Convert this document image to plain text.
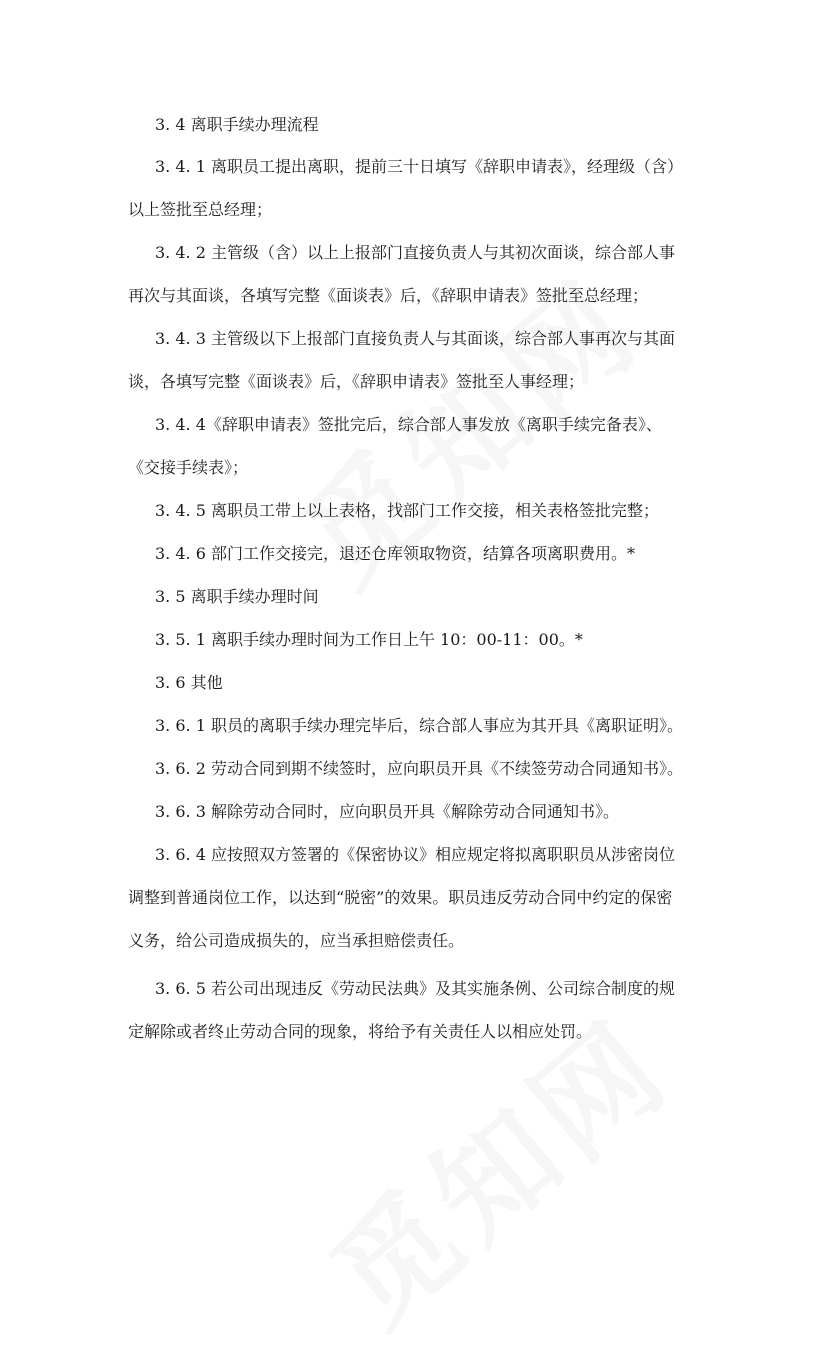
3. 4 离职手续办理流程
3. 4. 1 离职员工提出离职，提前三十日填写《辞职申请表》，经理级（含）
以上签批至总经理；
3. 4. 2 主管级（含）以上上报部门直接负责人与其初次面谈，综合部人事
再次与其面谈，各填写完整《面谈表》后，《辞职申请表》签批至总经理；
3. 4. 3 主管级以下上报部门直接负责人与其面谈，综合部人事再次与其面
谈，各填写完整《面谈表》后，《辞职申请表》签批至人事经理；
3. 4. 4《辞职申请表》签批完后，综合部人事发放《离职手续完备表》、
《交接手续表》；
3. 4. 5 离职员工带上以上表格，找部门工作交接，相关表格签批完整；
3. 4. 6 部门工作交接完，退还仓库领取物资，结算各项离职费用。*
3. 5 离职手续办理时间
3. 5. 1 离职手续办理时间为工作日上午 10：00-11：00。*
3. 6 其他
3. 6. 1 职员的离职手续办理完毕后，综合部人事应为其开具《离职证明》。
3. 6. 2 劳动合同到期不续签时，应向职员开具《不续签劳动合同通知书》。
3. 6. 3 解除劳动合同时，应向职员开具《解除劳动合同通知书》。
3. 6. 4 应按照双方签署的《保密协议》相应规定将拟离职职员从涉密岗位
调整到普通岗位工作，以达到“脱密”的效果。职员违反劳动合同中约定的保密
义务，给公司造成损失的，应当承担赔偿责任。
3. 6. 5 若公司出现违反《劳动民法典》及其实施条例、公司综合制度的规
定解除或者终止劳动合同的现象，将给予有关责任人以相应处罚。
